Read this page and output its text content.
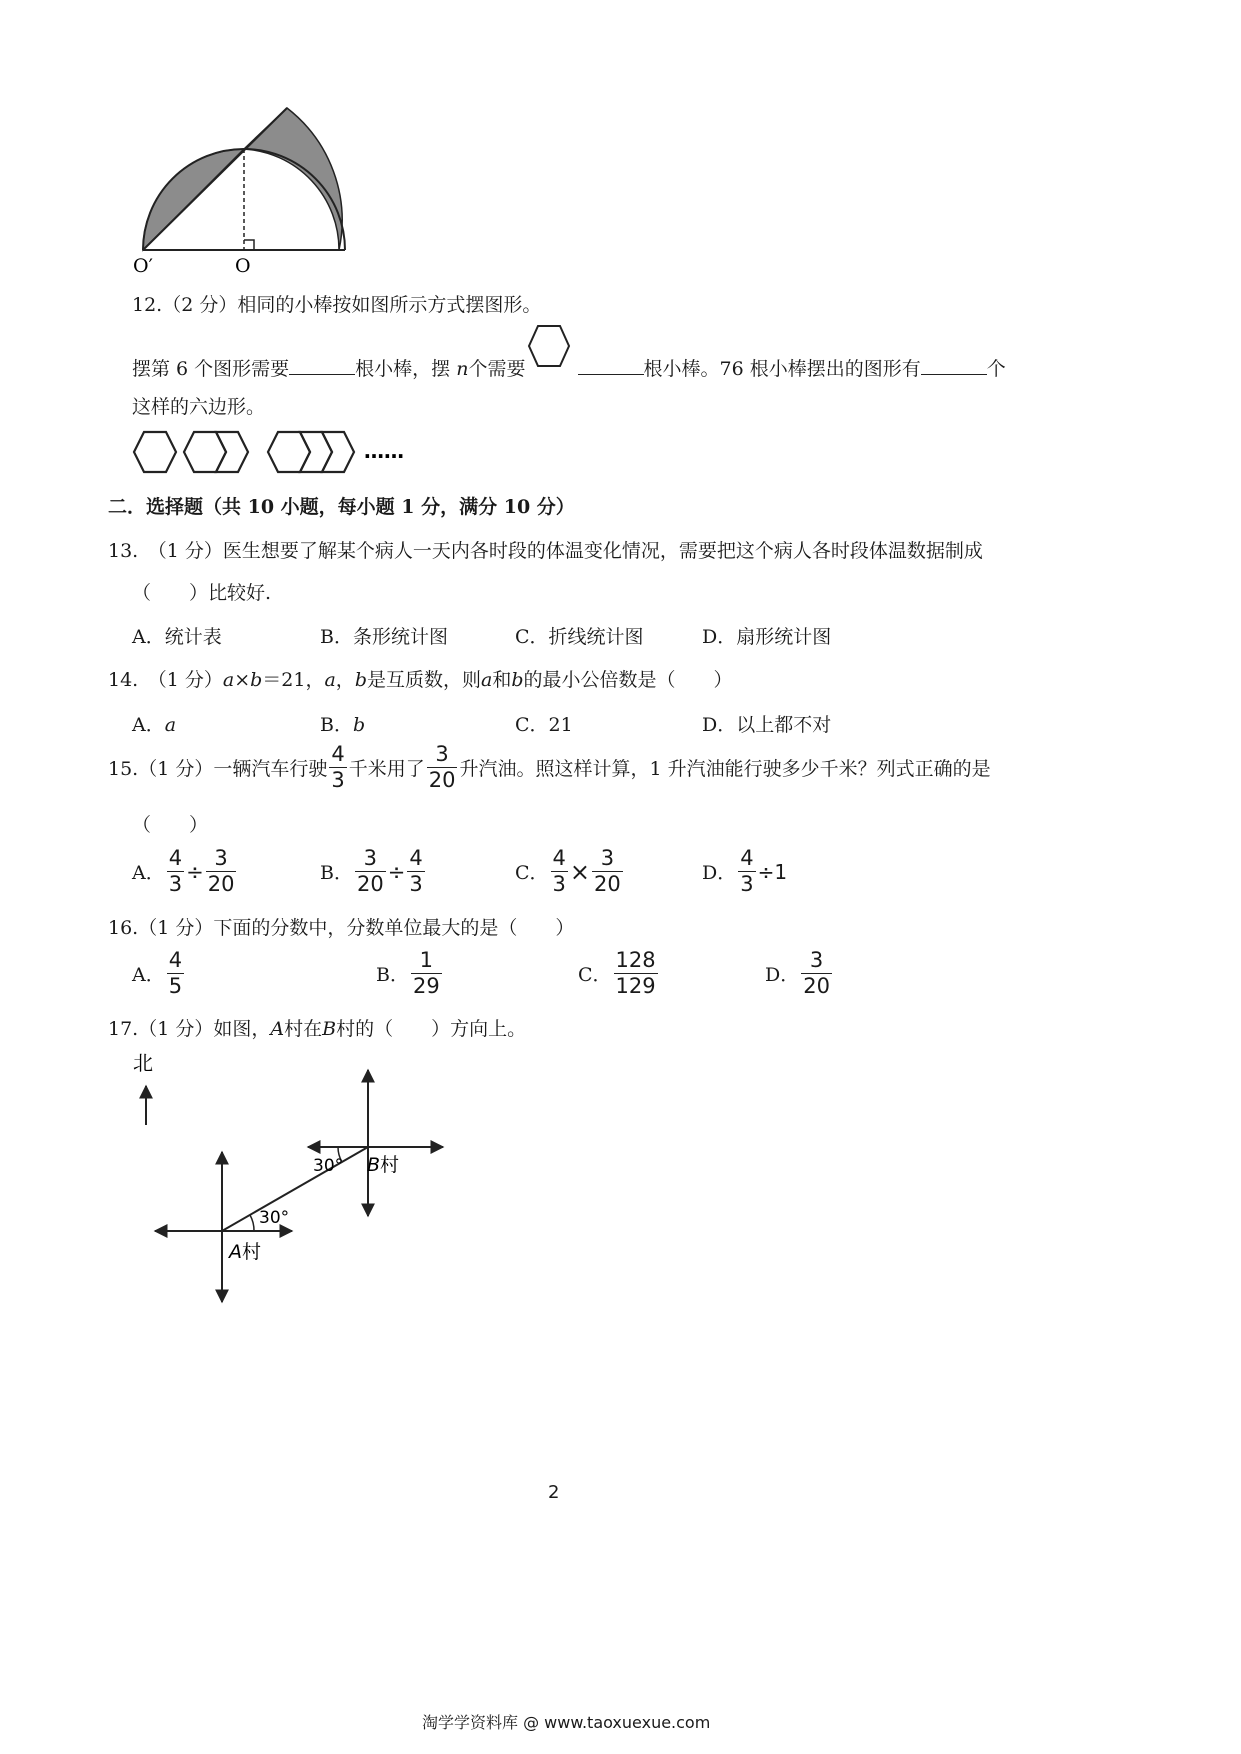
O′	O
12.（2 分）相同的小棒按如图所示方式摆图形。
摆第 6 个图形需要	根小棒，摆 n个需要	根小棒。76 根小棒摆出的图形有	个
这样的六边形。
……
二．选择题（共 10 小题，每小题 1 分，满分 10 分）
13.　（1 分）医生想要了解某个病人一天内各时段的体温变化情况，需要把这个病人各时段体温数据制成
（　　）比较好.
A．统计表	B．条形统计图	C．折线统计图	D．扇形统计图
14.　（1 分）a×b＝21，a，b是互质数，则a和b的最小公倍数是（　　）
A．a	B．b	C．21	D．以上都不对
15.（1 分）一辆汽车行驶 $\frac{4}{3}$ 千米用了 $\frac{3}{20}$ 升汽油。照这样计算，1 升汽油能行驶多少千米？列式正确的是
（　　）
A． $\frac{4}{3} \div \frac{3}{20}$	B． $\frac{3}{20} \div \frac{4}{3}$	C． $\frac{4}{3} \times \frac{3}{20}$	D． $\frac{4}{3} \div 1$
16.（1 分）下面的分数中，分数单位最大的是（　　）
A． $\frac{4}{5}$	B． $\frac{1}{29}$	C． $\frac{128}{129}$	D． $\frac{3}{20}$
17.（1 分）如图，A村在B村的（　　）方向上。
北
30°
30°
B村
A村
2
淘学学资料库 @ www.taoxuexue.com
